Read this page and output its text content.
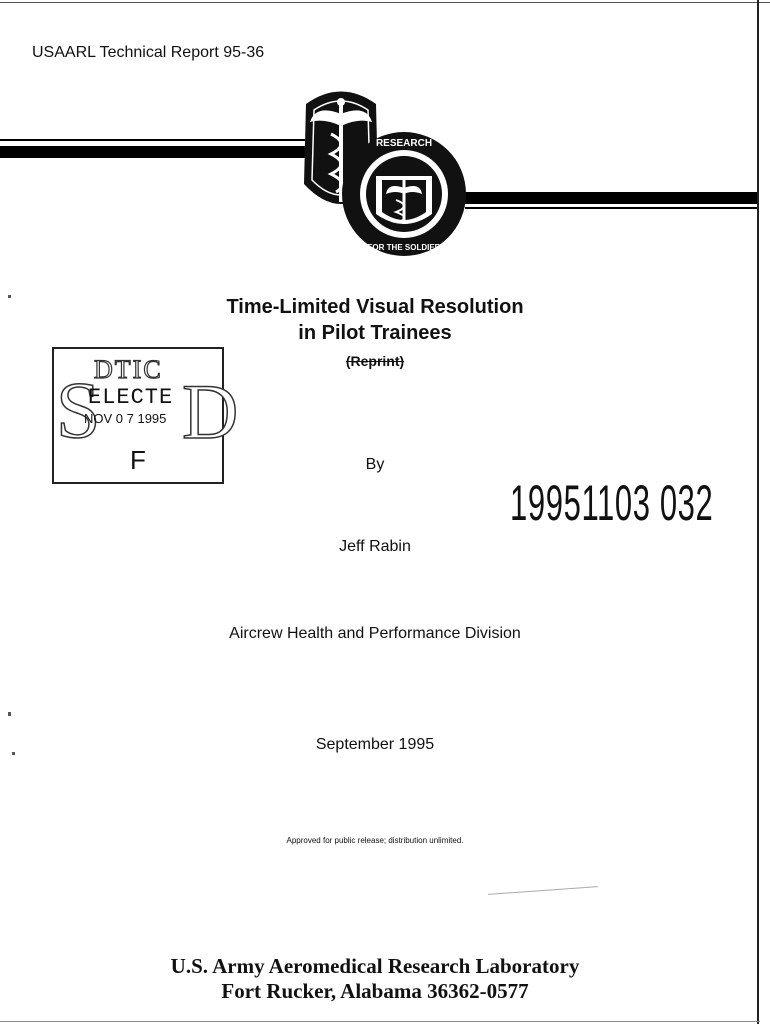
USAARL Technical Report 95-36
RESEARCH
FOR THE SOLDIER
Time-Limited Visual Resolution
in Pilot Trainees
(Reprint)
DTIC
S
ELECTE
NOV 0 7 1995 D
F	By
19951103 032
Jeff Rabin
Aircrew Health and Performance Division
September 1995
Approved for public release; distribution unlimited.
U.S. Army Aeromedical Research Laboratory
Fort Rucker, Alabama 36362-0577
